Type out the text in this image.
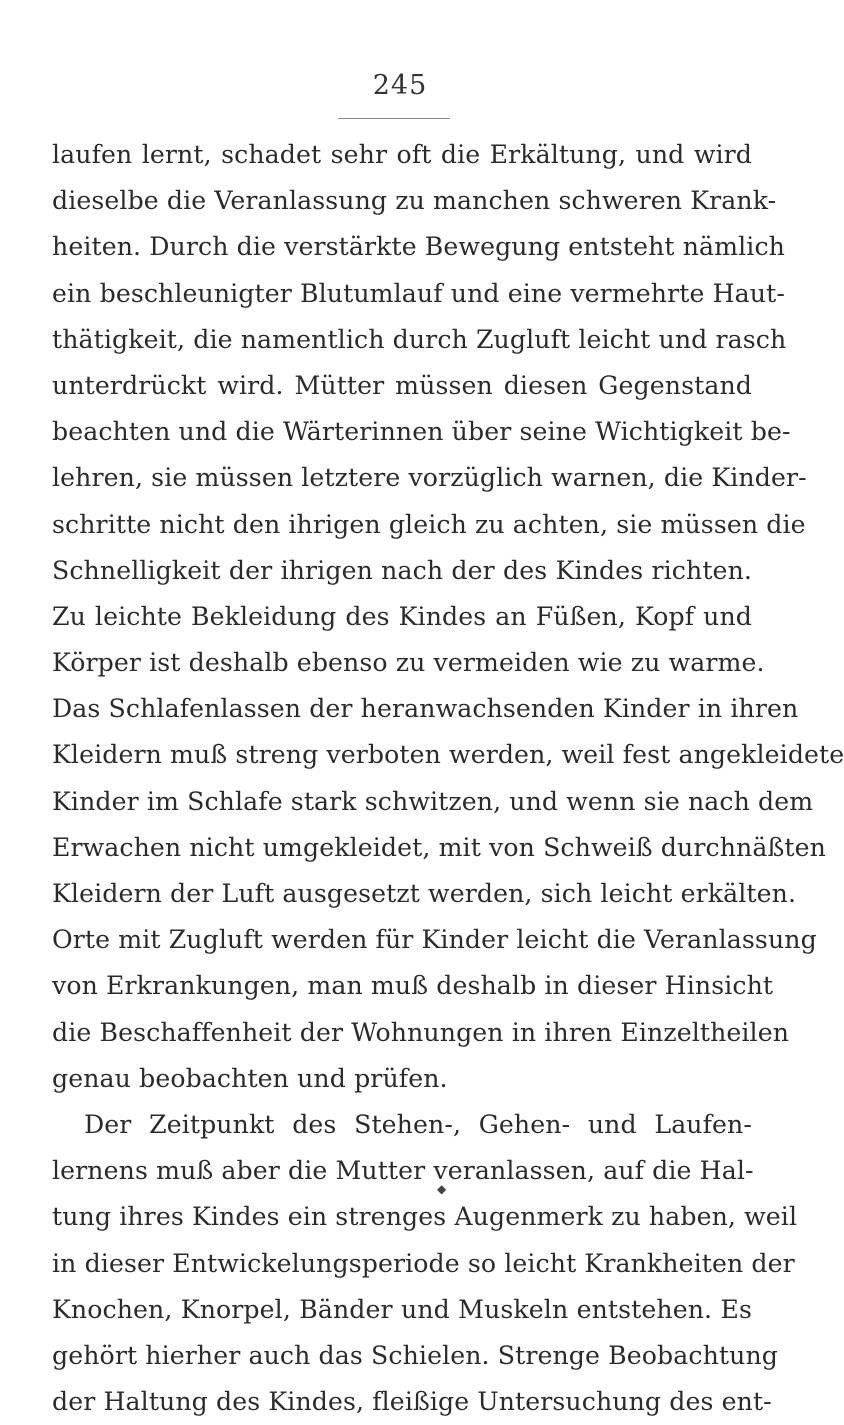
245
laufen lernt, schadet sehr oft die Erkältung, und wird
dieselbe die Veranlassung zu manchen schweren Krank-
heiten. Durch die verstärkte Bewegung entsteht nämlich
ein beschleunigter Blutumlauf und eine vermehrte Haut-
thätigkeit, die namentlich durch Zugluft leicht und rasch
unterdrückt wird. Mütter müssen diesen Gegenstand
beachten und die Wärterinnen über seine Wichtigkeit be-
lehren, sie müssen letztere vorzüglich warnen, die Kinder-
schritte nicht den ihrigen gleich zu achten, sie müssen die
Schnelligkeit der ihrigen nach der des Kindes richten.
Zu leichte Bekleidung des Kindes an Füßen, Kopf und
Körper ist deshalb ebenso zu vermeiden wie zu warme.
Das Schlafenlassen der heranwachsenden Kinder in ihren
Kleidern muß streng verboten werden, weil fest angekleidete
Kinder im Schlafe stark schwitzen, und wenn sie nach dem
Erwachen nicht umgekleidet, mit von Schweiß durchnäßten
Kleidern der Luft ausgesetzt werden, sich leicht erkälten.
Orte mit Zugluft werden für Kinder leicht die Veranlassung
von Erkrankungen, man muß deshalb in dieser Hinsicht
die Beschaffenheit der Wohnungen in ihren Einzeltheilen
genau beobachten und prüfen.
Der Zeitpunkt des Stehen-, Gehen- und Laufen-
lernens muß aber die Mutter veranlassen, auf die Hal-
tung ihres Kindes ein strenges Augenmerk zu haben, weil
in dieser Entwickelungsperiode so leicht Krankheiten der
Knochen, Knorpel, Bänder und Muskeln entstehen. Es
gehört hierher auch das Schielen. Strenge Beobachtung
der Haltung des Kindes, fleißige Untersuchung des ent-
◆
